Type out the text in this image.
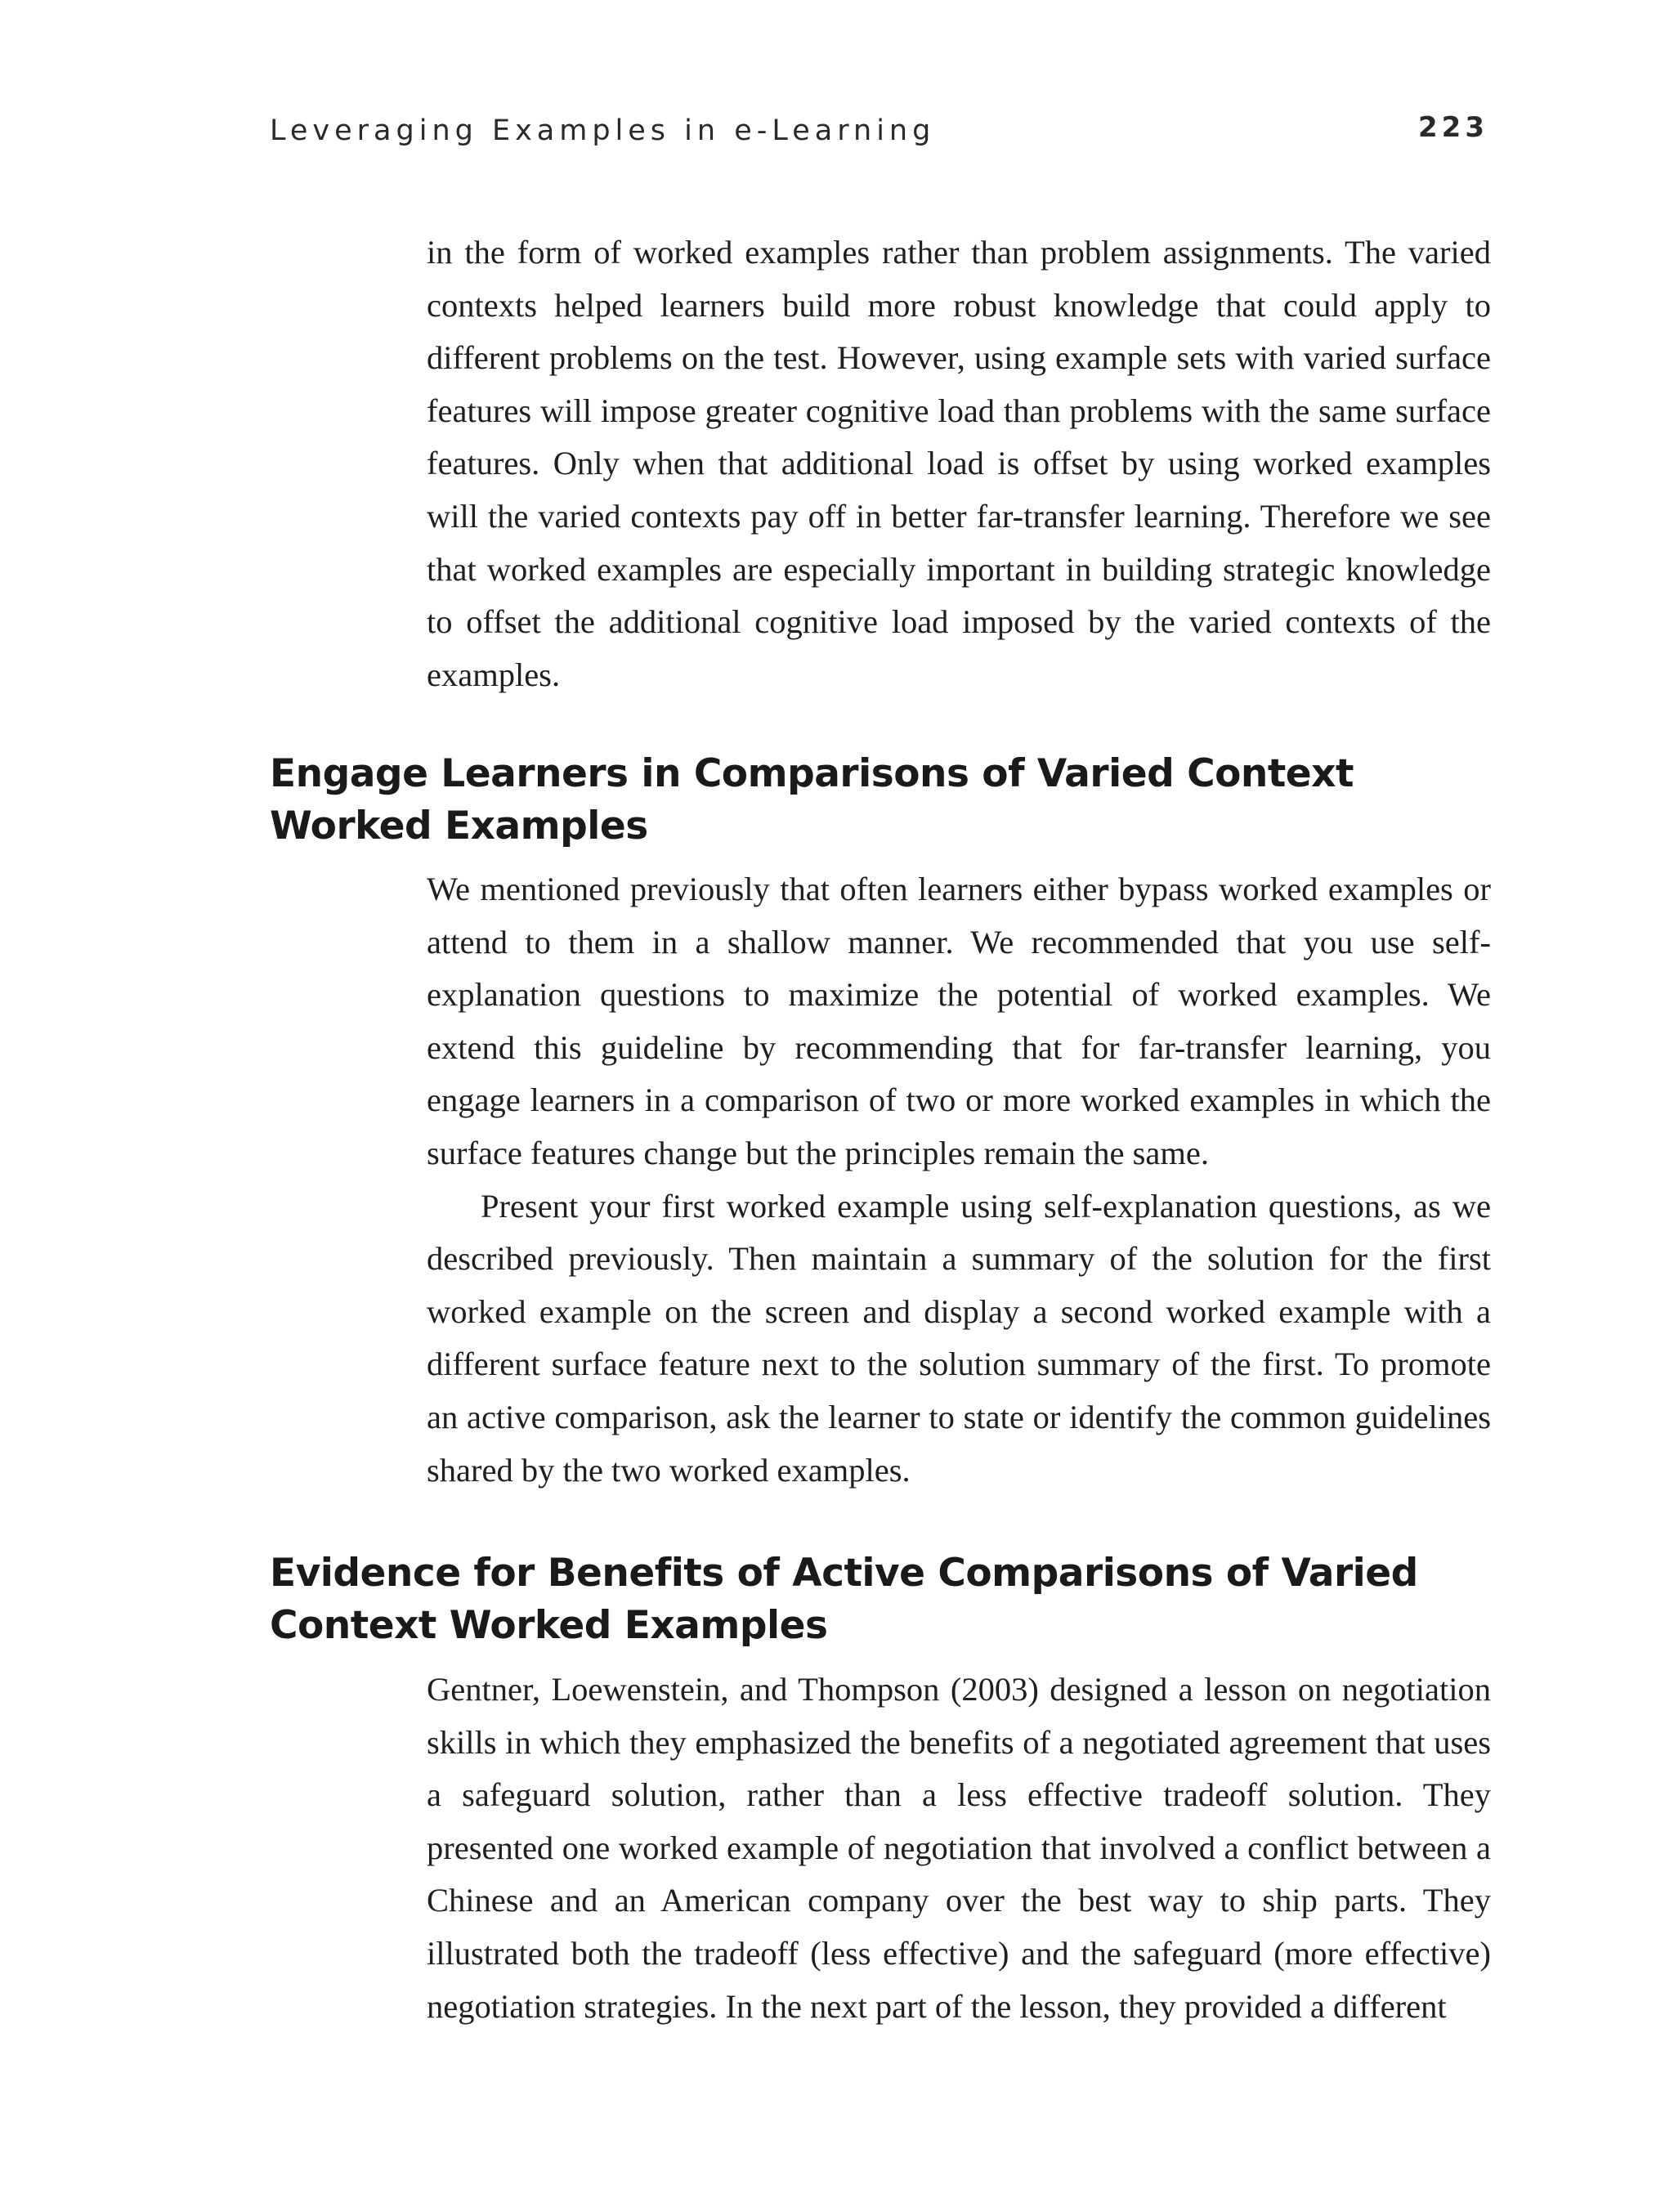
Leveraging Examples in e-Learning	223

in the form of worked examples rather than problem assignments. The varied contexts helped learners build more robust knowledge that could apply to different problems on the test. However, using example sets with varied surface features will impose greater cognitive load than problems with the same surface features. Only when that additional load is offset by using worked examples will the varied contexts pay off in better far-transfer learning. Therefore we see that worked examples are especially important in building strategic knowledge to offset the additional cognitive load imposed by the varied contexts of the examples.

Engage Learners in Comparisons of Varied Context
Worked Examples

We mentioned previously that often learners either bypass worked examples or attend to them in a shallow manner. We recommended that you use self-explanation questions to maximize the potential of worked examples. We extend this guideline by recommending that for far-transfer learning, you engage learners in a comparison of two or more worked examples in which the surface features change but the principles remain the same.

Present your first worked example using self-explanation questions, as we described previously. Then maintain a summary of the solution for the first worked example on the screen and display a second worked example with a different surface feature next to the solution summary of the first. To promote an active comparison, ask the learner to state or identify the common guidelines shared by the two worked examples.

Evidence for Benefits of Active Comparisons of Varied
Context Worked Examples

Gentner, Loewenstein, and Thompson (2003) designed a lesson on negotiation skills in which they emphasized the benefits of a negotiated agreement that uses a safeguard solution, rather than a less effective tradeoff solution. They presented one worked example of negotiation that involved a conflict between a Chinese and an American company over the best way to ship parts. They illustrated both the tradeoff (less effective) and the safeguard (more effective) negotiation strategies. In the next part of the lesson, they provided a different
